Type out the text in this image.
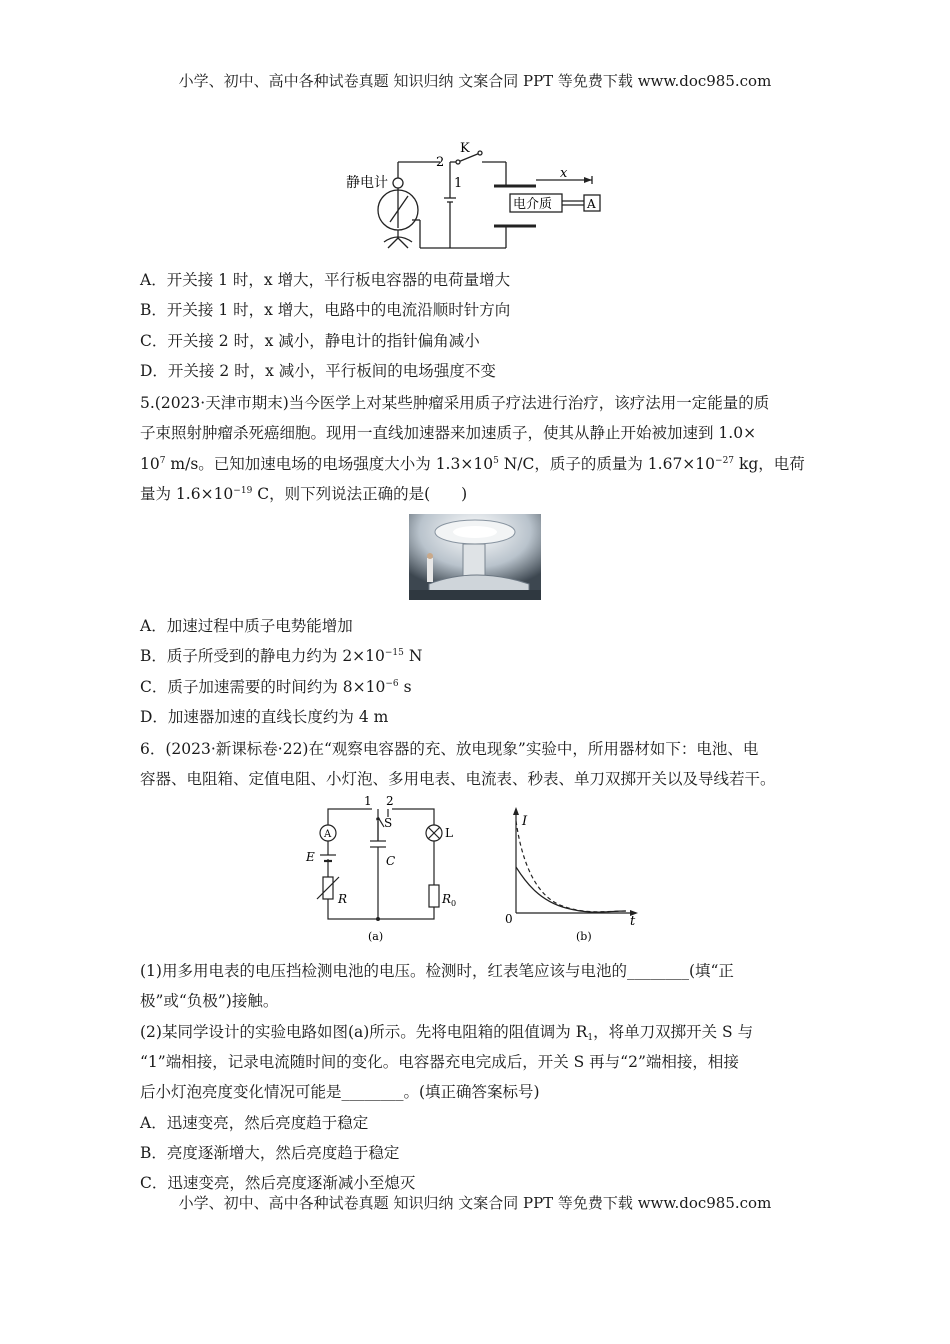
小学、初中、高中各种试卷真题 知识归纳 文案合同 PPT 等免费下载 www.doc985.com
静电计
K
2
1
x
电介质	A
A．开关接 1 时，x 增大，平行板电容器的电荷量增大
B．开关接 1 时，x 增大，电路中的电流沿顺时针方向
C．开关接 2 时，x 减小，静电计的指针偏角减小
D．开关接 2 时，x 减小，平行板间的电场强度不变
5.(2023·天津市期末)当今医学上对某些肿瘤采用质子疗法进行治疗，该疗法用一定能量的质
子束照射肿瘤杀死癌细胞。现用一直线加速器来加速质子，使其从静止开始被加速到 1.0×
$10^7$ m/s。已知加速电场的电场强度大小为 $1.3\times 10^5$ N/C，质子的质量为 $1.67\times 10^{-27}$ kg，电荷
量为 $1.6\times 10^{-19}$ C，则下列说法正确的是(　　)
A．加速过程中质子电势能增加
B．质子所受到的静电力约为 $2\times 10^{-15}$ N
C．质子加速需要的时间约为 $8\times 10^{-6}$ s
D．加速器加速的直线长度约为 4 m
6．(2023·新课标卷·22)在“观察电容器的充、放电现象”实验中，所用器材如下：电池、电
容器、电阻箱、定值电阻、小灯泡、多用电表、电流表、秒表、单刀双掷开关以及导线若干。
1 2
S
A
E	C
L
R	$R_0$
(a)
I
t
0
(b)
(1)用多用电表的电压挡检测电池的电压。检测时，红表笔应该与电池的________(填“正
极”或“负极”)接触。
(2)某同学设计的实验电路如图(a)所示。先将电阻箱的阻值调为 $R_1$，将单刀双掷开关 S 与
“1”端相接，记录电流随时间的变化。电容器充电完成后，开关 S 再与“2”端相接，相接
后小灯泡亮度变化情况可能是________。(填正确答案标号)
A．迅速变亮，然后亮度趋于稳定
B．亮度逐渐增大，然后亮度趋于稳定
C．迅速变亮，然后亮度逐渐减小至熄灭
小学、初中、高中各种试卷真题 知识归纳 文案合同 PPT 等免费下载 www.doc985.com
